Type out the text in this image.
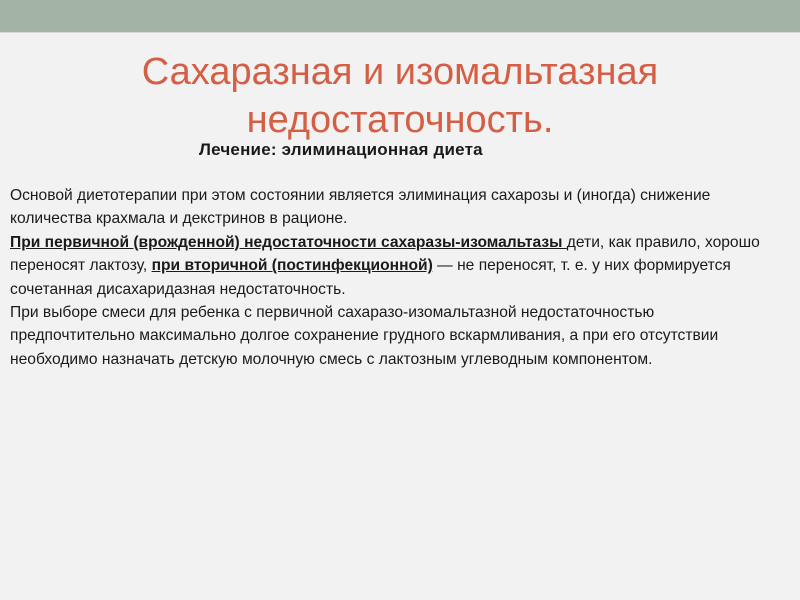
Сахаразная и изомальтазная
недостаточность.
Лечение: элиминационная диета

Основой диетотерапии при этом состоянии является элиминация сахарозы и (иногда) снижение количества крахмала и декстринов в рационе.

При первичной (врожденной) недостаточности сахаразы-изомальтазы дети, как правило, хорошо переносят лактозу, при вторичной (постинфекционной) — не переносят, т. е. у них формируется сочетанная дисахаридазная недостаточность.

При выборе смеси для ребенка с первичной сахаразо-изомальтазной недостаточностью предпочтительно максимально долгое сохранение грудного вскармливания, а при его отсутствии необходимо назначать детскую молочную смесь с лактозным углеводным компонентом.
